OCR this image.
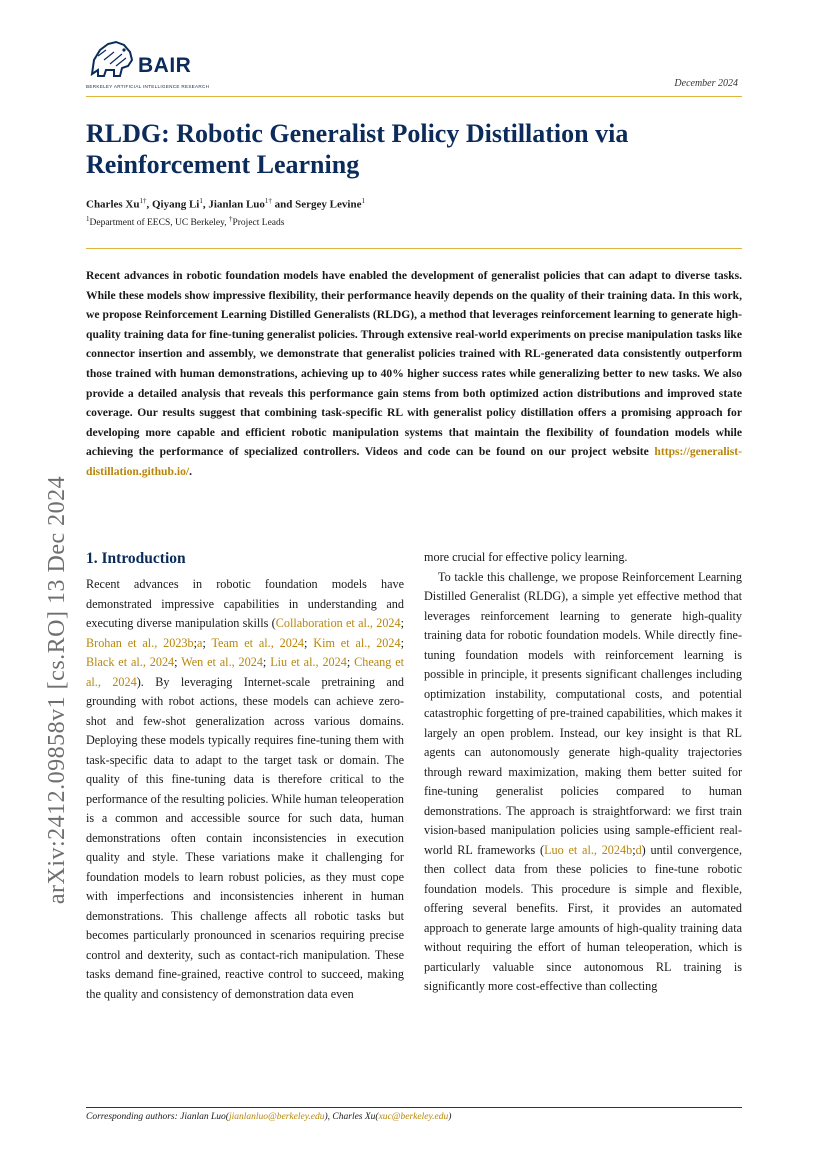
BAIR
BERKELEY ARTIFICIAL INTELLIGENCE RESEARCH	December 2024
arXiv:2412.09858v1 [cs.RO] 13 Dec 2024
RLDG: Robotic Generalist Policy Distillation via Reinforcement Learning
Charles $Xu^{1\dagger}$, Qiyang Li$^1$, Jianlan Luo$^{1\dagger}$ and Sergey Levine$^1$
$^1$Department of EECS, UC Berkeley, †Project Leads

Recent advances in robotic foundation models have enabled the development of generalist policies that can adapt to diverse tasks. While these models show impressive flexibility, their performance heavily depends on the quality of their training data. In this work, we propose Reinforcement Learning Distilled Generalists (RLDG), a method that leverages reinforcement learning to generate high-quality training data for fine-tuning generalist policies. Through extensive real-world experiments on precise manipulation tasks like connector insertion and assembly, we demonstrate that generalist policies trained with RL-generated data consistently outperform those trained with human demonstrations, achieving up to 40% higher success rates while generalizing better to new tasks. We also provide a detailed analysis that reveals this performance gain stems from both optimized action distributions and improved state coverage. Our results suggest that combining task-specific RL with generalist policy distillation offers a promising approach for developing more capable and efficient robotic manipulation systems that maintain the flexibility of foundation models while achieving the performance of specialized controllers. Videos and code can be found on our project website https://generalist-distillation.github.io/.

1. Introduction

Recent advances in robotic foundation models have demonstrated impressive capabilities in understanding and executing diverse manipulation skills (Collaboration et al., 2024; Brohan et al., 2023b;a; Team et al., 2024; Kim et al., 2024; Black et al., 2024; Wen et al., 2024; Liu et al., 2024; Cheang et al., 2024). By leveraging Internet-scale pretraining and grounding with robot actions, these models can achieve zero-shot and few-shot generalization across various domains. Deploying these models typically requires fine-tuning them with task-specific data to adapt to the target task or domain. The quality of this fine-tuning data is therefore critical to the performance of the resulting policies. While human teleoperation is a common and accessible source for such data, human demonstrations often contain inconsistencies in execution quality and style. These variations make it challenging for foundation models to learn robust policies, as they must cope with imperfections and inconsistencies inherent in human demonstrations. This challenge affects all robotic tasks but becomes particularly pronounced in scenarios requiring precise control and dexterity, such as contact-rich manipulation. These tasks demand fine-grained, reactive control to succeed, making the quality and consistency of demonstration data even

more crucial for effective policy learning.

To tackle this challenge, we propose Reinforcement Learning Distilled Generalist (RLDG), a simple yet effective method that leverages reinforcement learning to generate high-quality training data for robotic foundation models. While directly fine-tuning foundation models with reinforcement learning is possible in principle, it presents significant challenges including optimization instability, computational costs, and potential catastrophic forgetting of pre-trained capabilities, which makes it largely an open problem. Instead, our key insight is that RL agents can autonomously generate high-quality trajectories through reward maximization, making them better suited for fine-tuning generalist policies compared to human demonstrations. The approach is straightforward: we first train vision-based manipulation policies using sample-efficient real-world RL frameworks (Luo et al., 2024b;d) until convergence, then collect data from these policies to fine-tune robotic foundation models. This procedure is simple and flexible, offering several benefits. First, it provides an automated approach to generate large amounts of high-quality training data without requiring the effort of human teleoperation, which is particularly valuable since autonomous RL training is significantly more cost-effective than collecting

Corresponding authors: Jianlan Luo(jianlanluo@berkeley.edu), Charles Xu(xuc@berkeley.edu)
